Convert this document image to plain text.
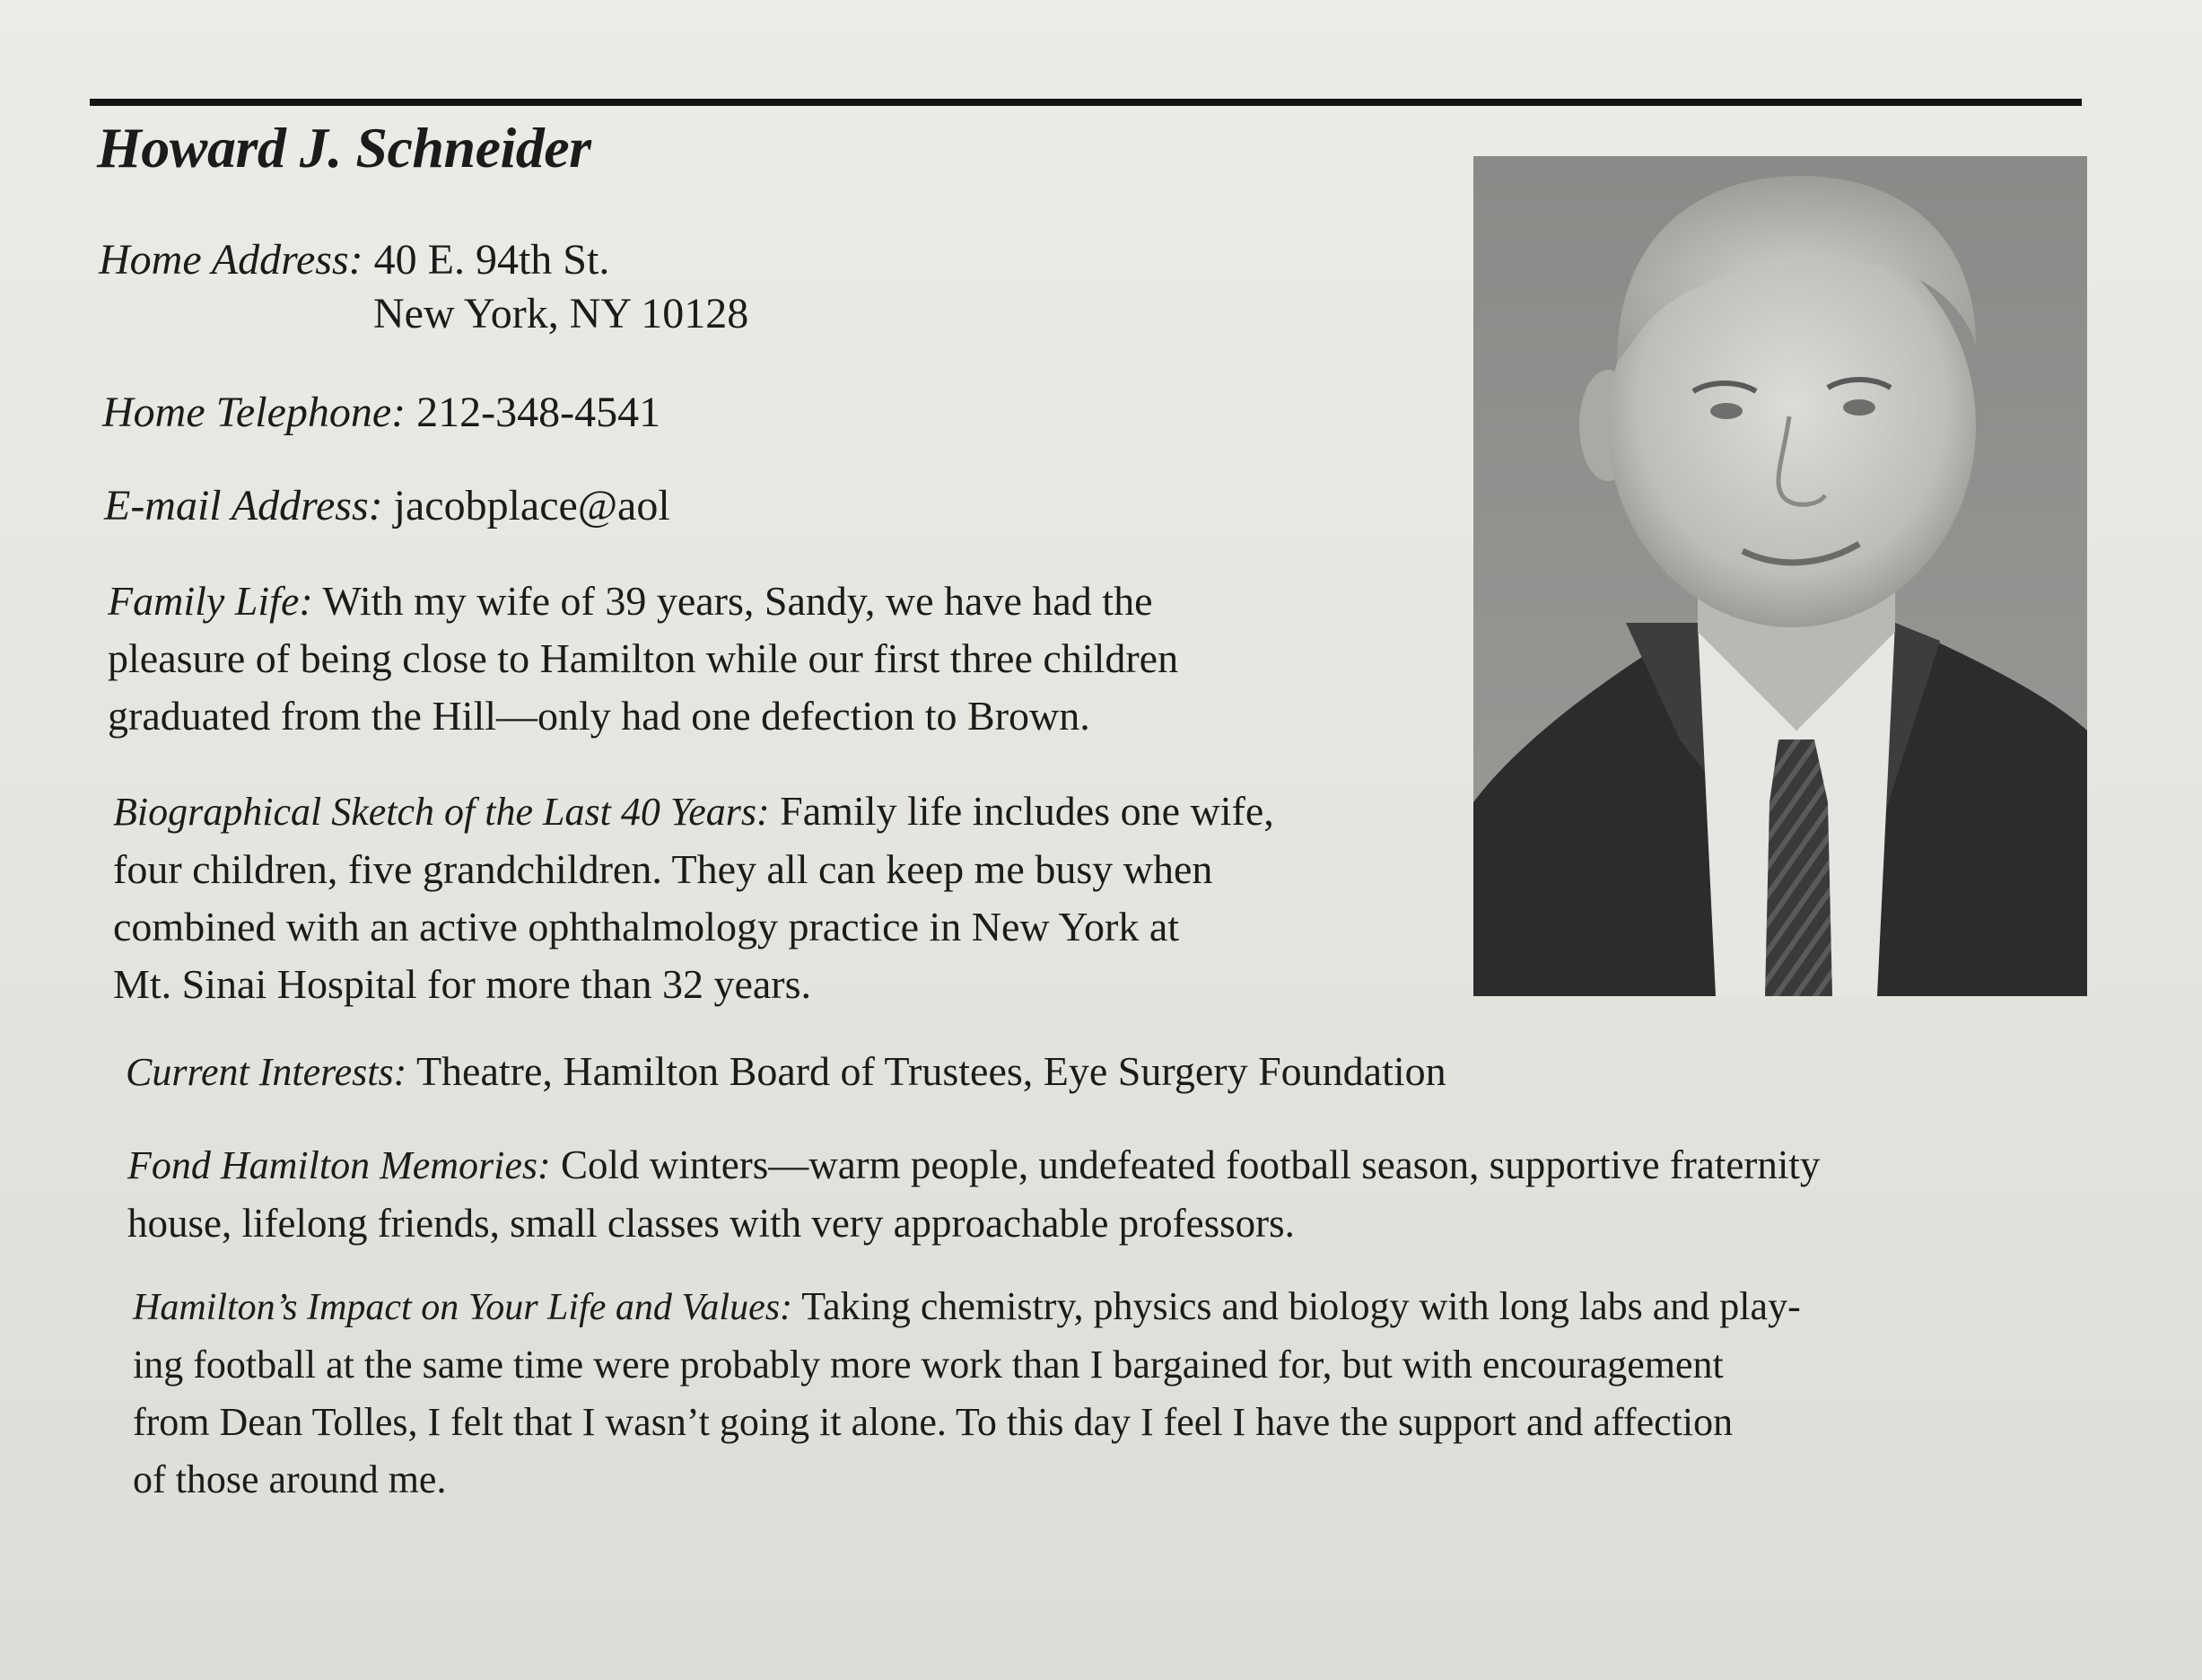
Howard J. Schneider
Home Address: 40 E. 94th St.
New York, NY 10128
Home Telephone: 212-348-4541
E-mail Address: jacobplace@aol
Family Life: With my wife of 39 years, Sandy, we have had the
pleasure of being close to Hamilton while our first three children
graduated from the Hill—only had one defection to Brown.
Biographical Sketch of the Last 40 Years: Family life includes one wife,
four children, five grandchildren. They all can keep me busy when
combined with an active ophthalmology practice in New York at
Mt. Sinai Hospital for more than 32 years.
Current Interests: Theatre, Hamilton Board of Trustees, Eye Surgery Foundation
Fond Hamilton Memories: Cold winters—warm people, undefeated football season, supportive fraternity
house, lifelong friends, small classes with very approachable professors.
Hamilton’s Impact on Your Life and Values: Taking chemistry, physics and biology with long labs and play-
ing football at the same time were probably more work than I bargained for, but with encouragement
from Dean Tolles, I felt that I wasn’t going it alone. To this day I feel I have the support and affection
of those around me.
